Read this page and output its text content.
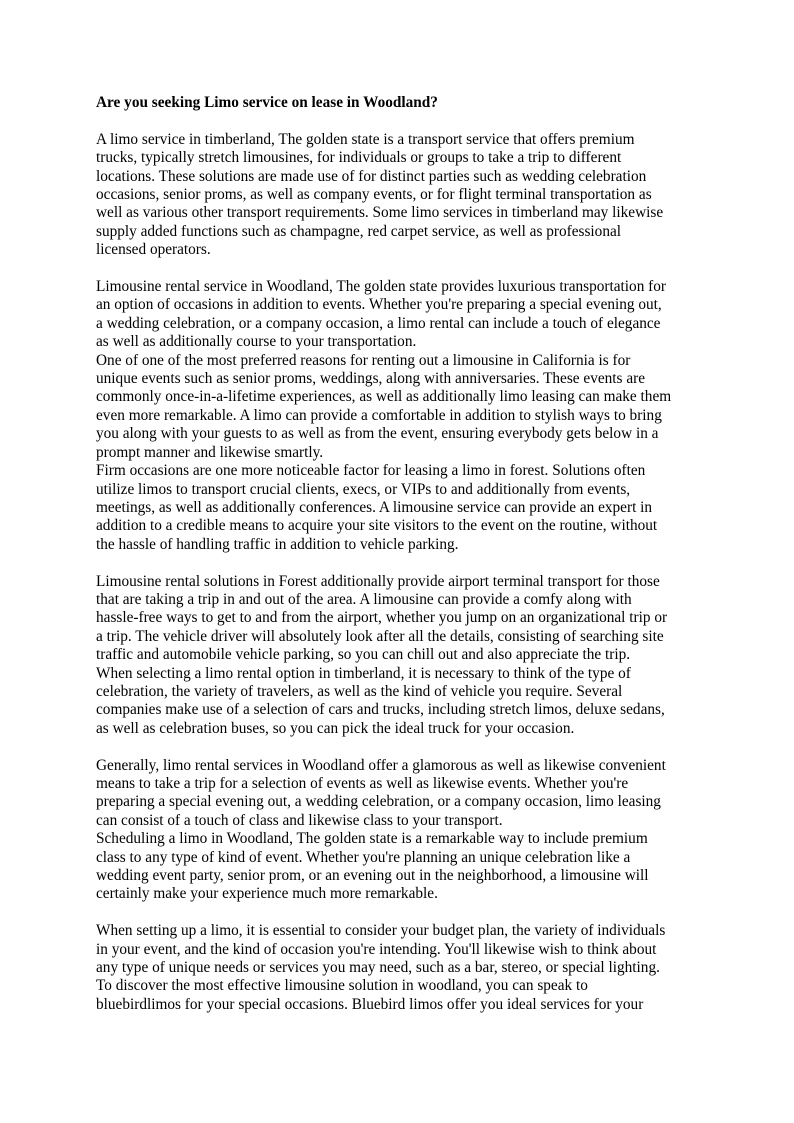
Are you seeking Limo service on lease in Woodland?
A limo service in timberland, The golden state is a transport service that offers premium
trucks, typically stretch limousines, for individuals or groups to take a trip to different
locations. These solutions are made use of for distinct parties such as wedding celebration
occasions, senior proms, as well as company events, or for flight terminal transportation as
well as various other transport requirements. Some limo services in timberland may likewise
supply added functions such as champagne, red carpet service, as well as professional
licensed operators.
Limousine rental service in Woodland, The golden state provides luxurious transportation for
an option of occasions in addition to events. Whether you're preparing a special evening out,
a wedding celebration, or a company occasion, a limo rental can include a touch of elegance
as well as additionally course to your transportation.
One of one of the most preferred reasons for renting out a limousine in California is for
unique events such as senior proms, weddings, along with anniversaries. These events are
commonly once-in-a-lifetime experiences, as well as additionally limo leasing can make them
even more remarkable. A limo can provide a comfortable in addition to stylish ways to bring
you along with your guests to as well as from the event, ensuring everybody gets below in a
prompt manner and likewise smartly.
Firm occasions are one more noticeable factor for leasing a limo in forest. Solutions often
utilize limos to transport crucial clients, execs, or VIPs to and additionally from events,
meetings, as well as additionally conferences. A limousine service can provide an expert in
addition to a credible means to acquire your site visitors to the event on the routine, without
the hassle of handling traffic in addition to vehicle parking.
Limousine rental solutions in Forest additionally provide airport terminal transport for those
that are taking a trip in and out of the area. A limousine can provide a comfy along with
hassle-free ways to get to and from the airport, whether you jump on an organizational trip or
a trip. The vehicle driver will absolutely look after all the details, consisting of searching site
traffic and automobile vehicle parking, so you can chill out and also appreciate the trip.
When selecting a limo rental option in timberland, it is necessary to think of the type of
celebration, the variety of travelers, as well as the kind of vehicle you require. Several
companies make use of a selection of cars and trucks, including stretch limos, deluxe sedans,
as well as celebration buses, so you can pick the ideal truck for your occasion.
Generally, limo rental services in Woodland offer a glamorous as well as likewise convenient
means to take a trip for a selection of events as well as likewise events. Whether you're
preparing a special evening out, a wedding celebration, or a company occasion, limo leasing
can consist of a touch of class and likewise class to your transport.
Scheduling a limo in Woodland, The golden state is a remarkable way to include premium
class to any type of kind of event. Whether you're planning an unique celebration like a
wedding event party, senior prom, or an evening out in the neighborhood, a limousine will
certainly make your experience much more remarkable.
When setting up a limo, it is essential to consider your budget plan, the variety of individuals
in your event, and the kind of occasion you're intending. You'll likewise wish to think about
any type of unique needs or services you may need, such as a bar, stereo, or special lighting.
To discover the most effective limousine solution in woodland, you can speak to
bluebirdlimos for your special occasions. Bluebird limos offer you ideal services for your
